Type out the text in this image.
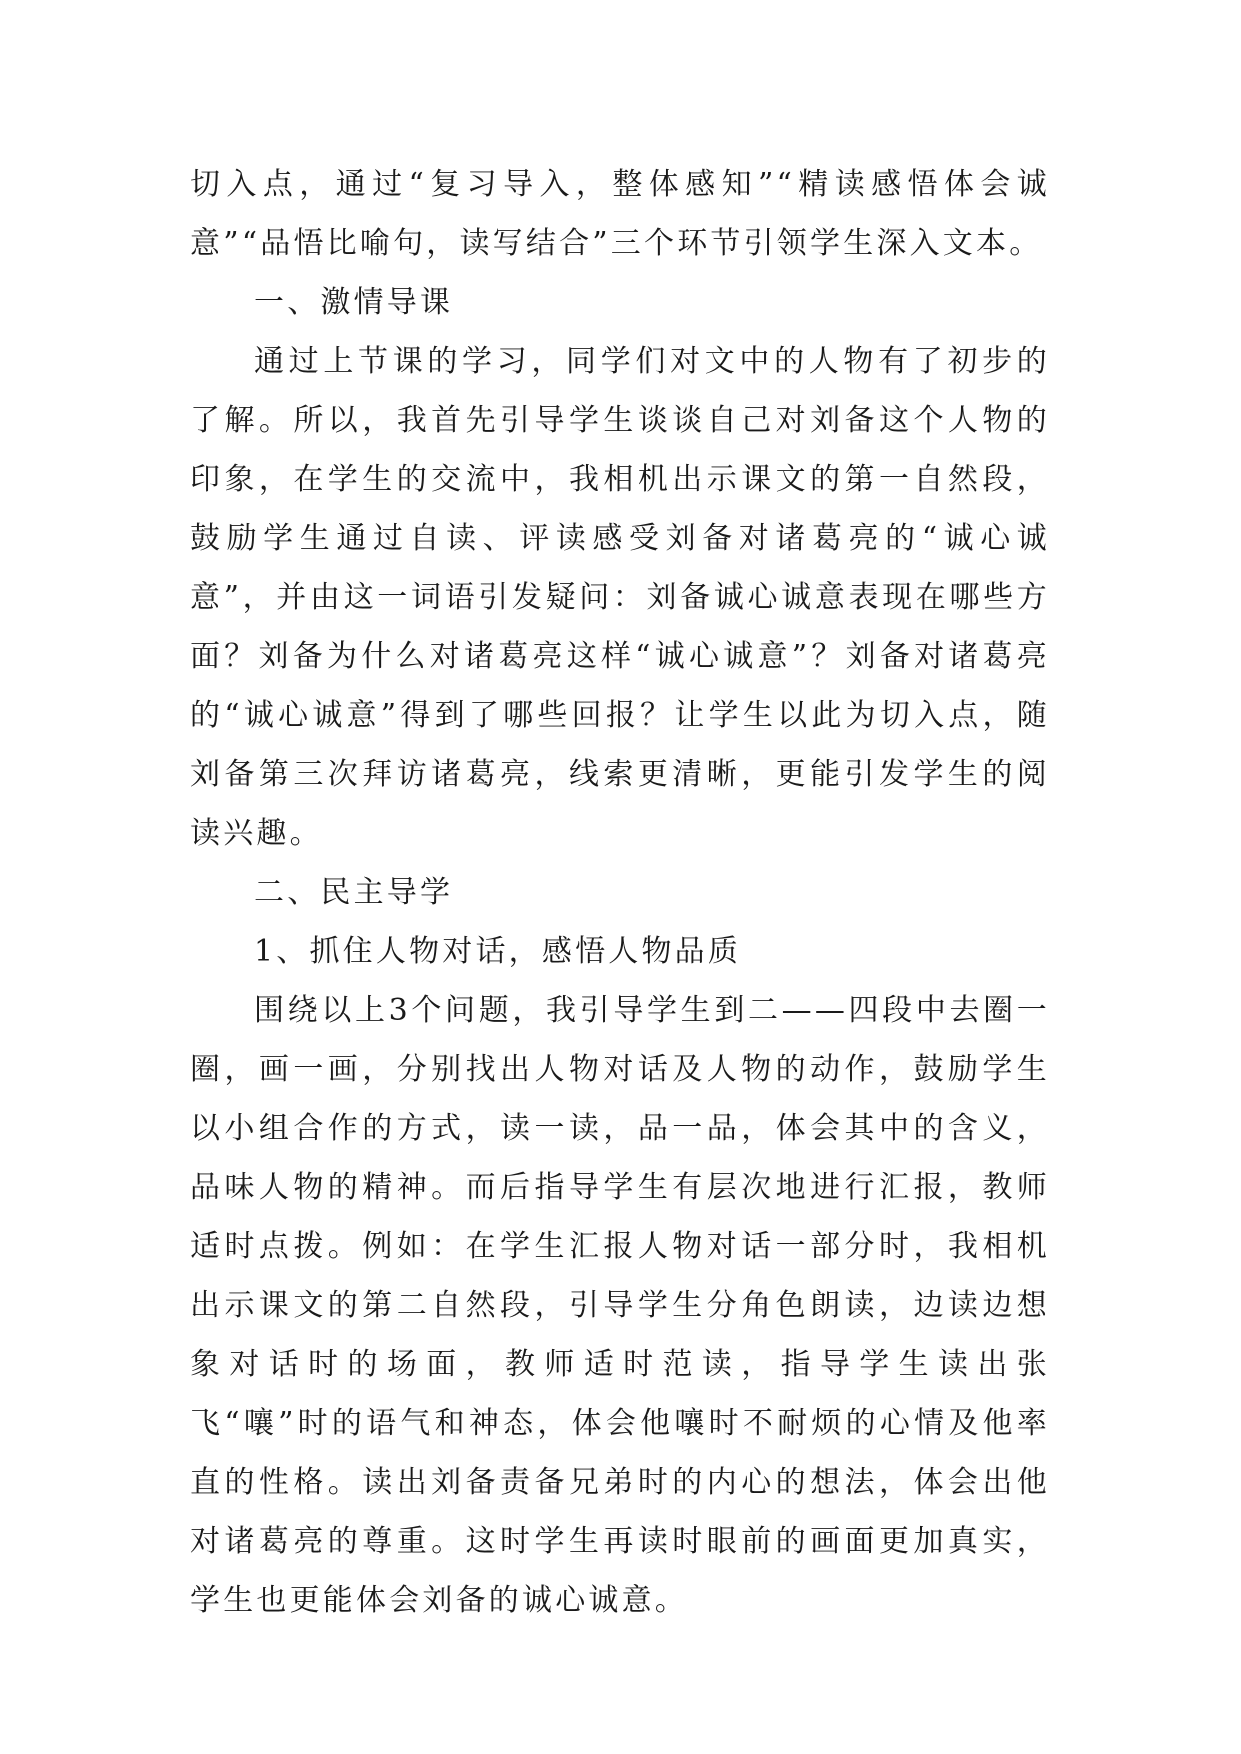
切入点，通过“复习导入，整体感知”“精读感悟体会诚意”“品悟比喻句，读写结合”三个环节引领学生深入文本。

一、激情导课

通过上节课的学习，同学们对文中的人物有了初步的了解。所以，我首先引导学生谈谈自己对刘备这个人物的印象，在学生的交流中，我相机出示课文的第一自然段，鼓励学生通过自读、评读感受刘备对诸葛亮的“诚心诚意”，并由这一词语引发疑问：刘备诚心诚意表现在哪些方面？刘备为什么对诸葛亮这样“诚心诚意”？刘备对诸葛亮的“诚心诚意”得到了哪些回报？让学生以此为切入点，随刘备第三次拜访诸葛亮，线索更清晰，更能引发学生的阅读兴趣。

二、民主导学

1、抓住人物对话，感悟人物品质

围绕以上3个问题，我引导学生到二——四段中去圈一圈，画一画，分别找出人物对话及人物的动作，鼓励学生以小组合作的方式，读一读，品一品，体会其中的含义，品味人物的精神。而后指导学生有层次地进行汇报，教师适时点拨。例如：在学生汇报人物对话一部分时，我相机出示课文的第二自然段，引导学生分角色朗读，边读边想象对话时的场面，教师适时范读，指导学生读出张飞“嚷”时的语气和神态，体会他嚷时不耐烦的心情及他率直的性格。读出刘备责备兄弟时的内心的想法，体会出他对诸葛亮的尊重。这时学生再读时眼前的画面更加真实，学生也更能体会刘备的诚心诚意。
